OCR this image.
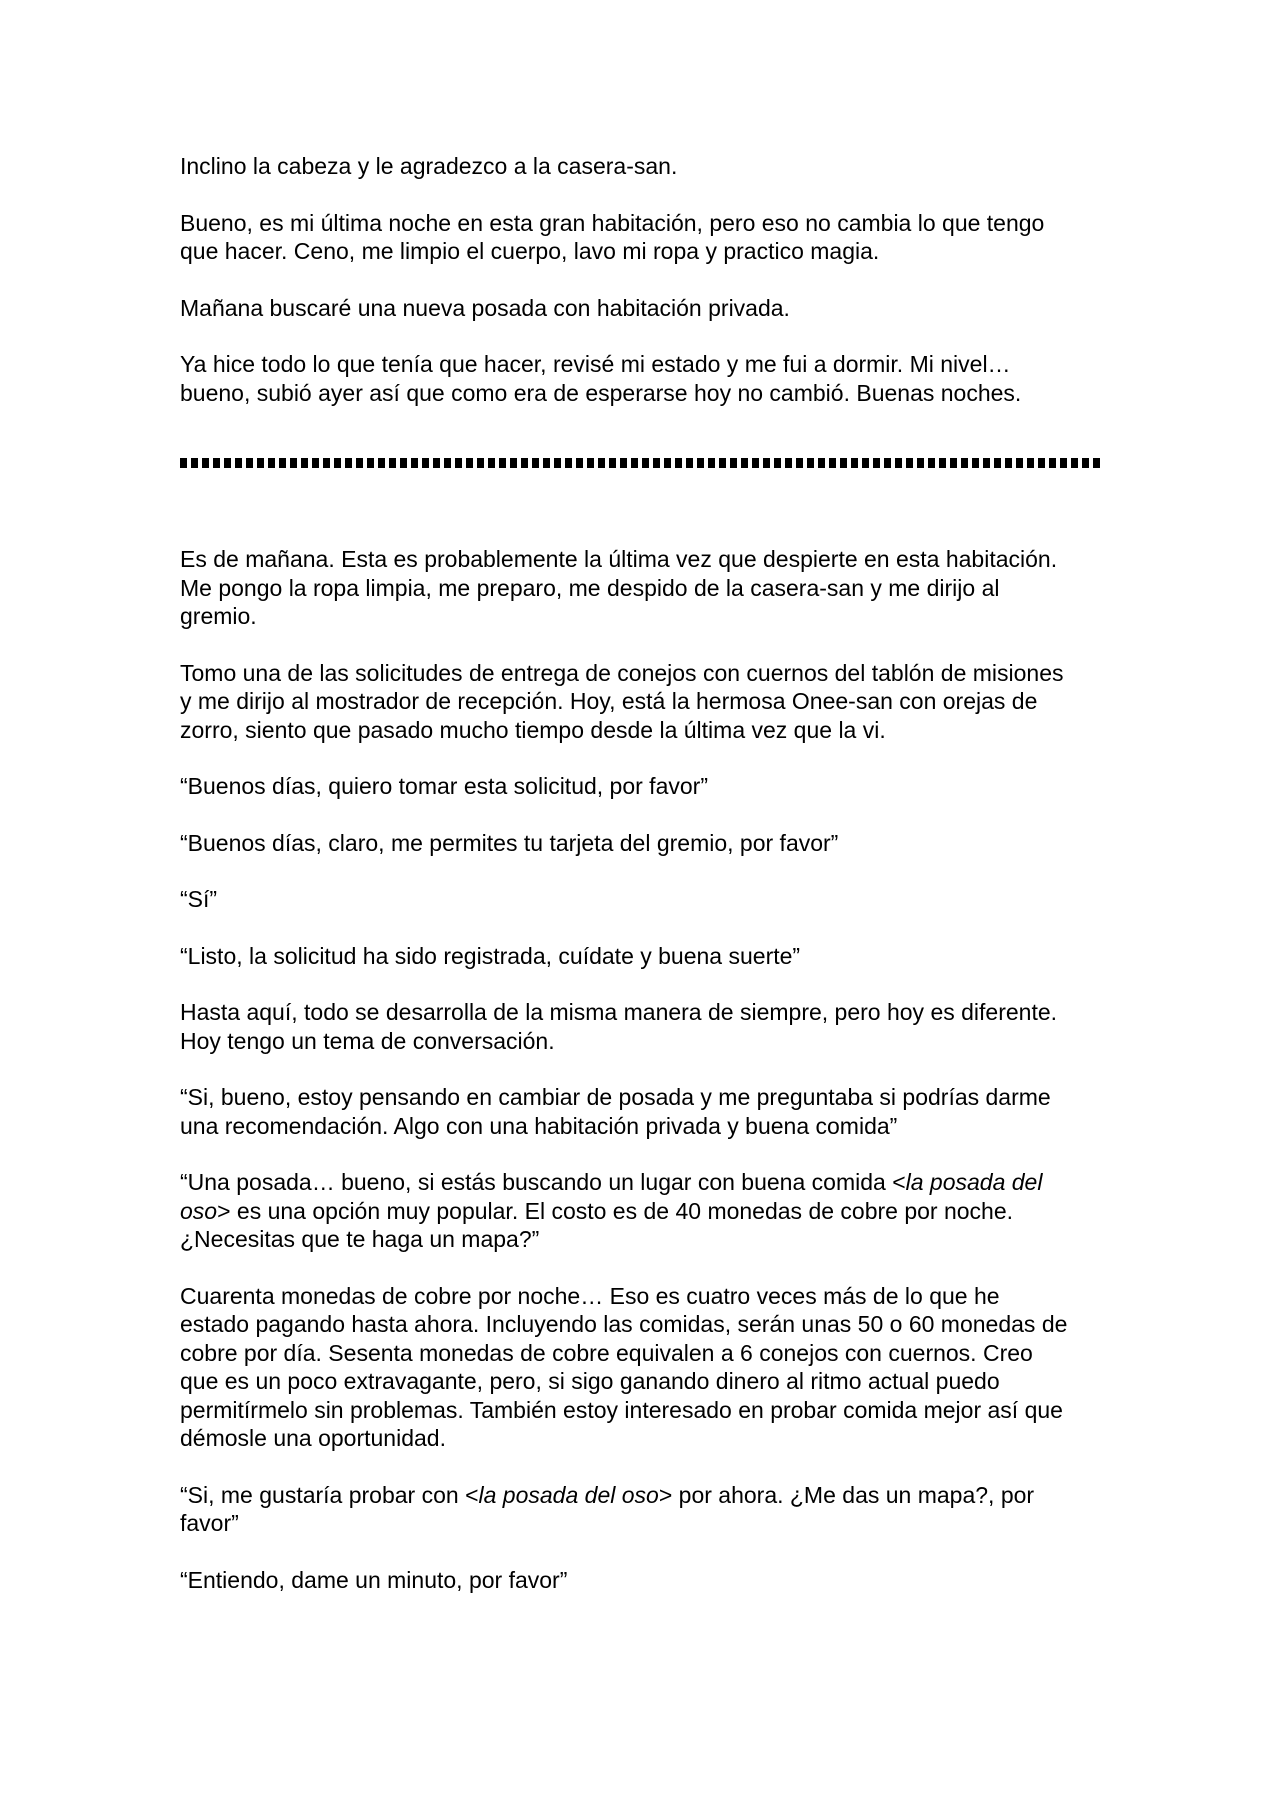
Inclino la cabeza y le agradezco a la casera-san.

Bueno, es mi última noche en esta gran habitación, pero eso no cambia lo que tengo
que hacer. Ceno, me limpio el cuerpo, lavo mi ropa y practico magia.

Mañana buscaré una nueva posada con habitación privada.

Ya hice todo lo que tenía que hacer, revisé mi estado y me fui a dormir. Mi nivel…
bueno, subió ayer así que como era de esperarse hoy no cambió. Buenas noches.

Es de mañana. Esta es probablemente la última vez que despierte en esta habitación.
Me pongo la ropa limpia, me preparo, me despido de la casera-san y me dirijo al
gremio.

Tomo una de las solicitudes de entrega de conejos con cuernos del tablón de misiones
y me dirijo al mostrador de recepción. Hoy, está la hermosa Onee-san con orejas de
zorro, siento que pasado mucho tiempo desde la última vez que la vi.

“Buenos días, quiero tomar esta solicitud, por favor”

“Buenos días, claro, me permites tu tarjeta del gremio, por favor”

“Sí”

“Listo, la solicitud ha sido registrada, cuídate y buena suerte”

Hasta aquí, todo se desarrolla de la misma manera de siempre, pero hoy es diferente.
Hoy tengo un tema de conversación.

“Si, bueno, estoy pensando en cambiar de posada y me preguntaba si podrías darme
una recomendación. Algo con una habitación privada y buena comida”

“Una posada… bueno, si estás buscando un lugar con buena comida <la posada del
oso> es una opción muy popular. El costo es de 40 monedas de cobre por noche.
¿Necesitas que te haga un mapa?”

Cuarenta monedas de cobre por noche… Eso es cuatro veces más de lo que he
estado pagando hasta ahora. Incluyendo las comidas, serán unas 50 o 60 monedas de
cobre por día. Sesenta monedas de cobre equivalen a 6 conejos con cuernos. Creo
que es un poco extravagante, pero, si sigo ganando dinero al ritmo actual puedo
permitírmelo sin problemas. También estoy interesado en probar comida mejor así que
démosle una oportunidad.

“Si, me gustaría probar con <la posada del oso> por ahora. ¿Me das un mapa?, por
favor”

“Entiendo, dame un minuto, por favor”
